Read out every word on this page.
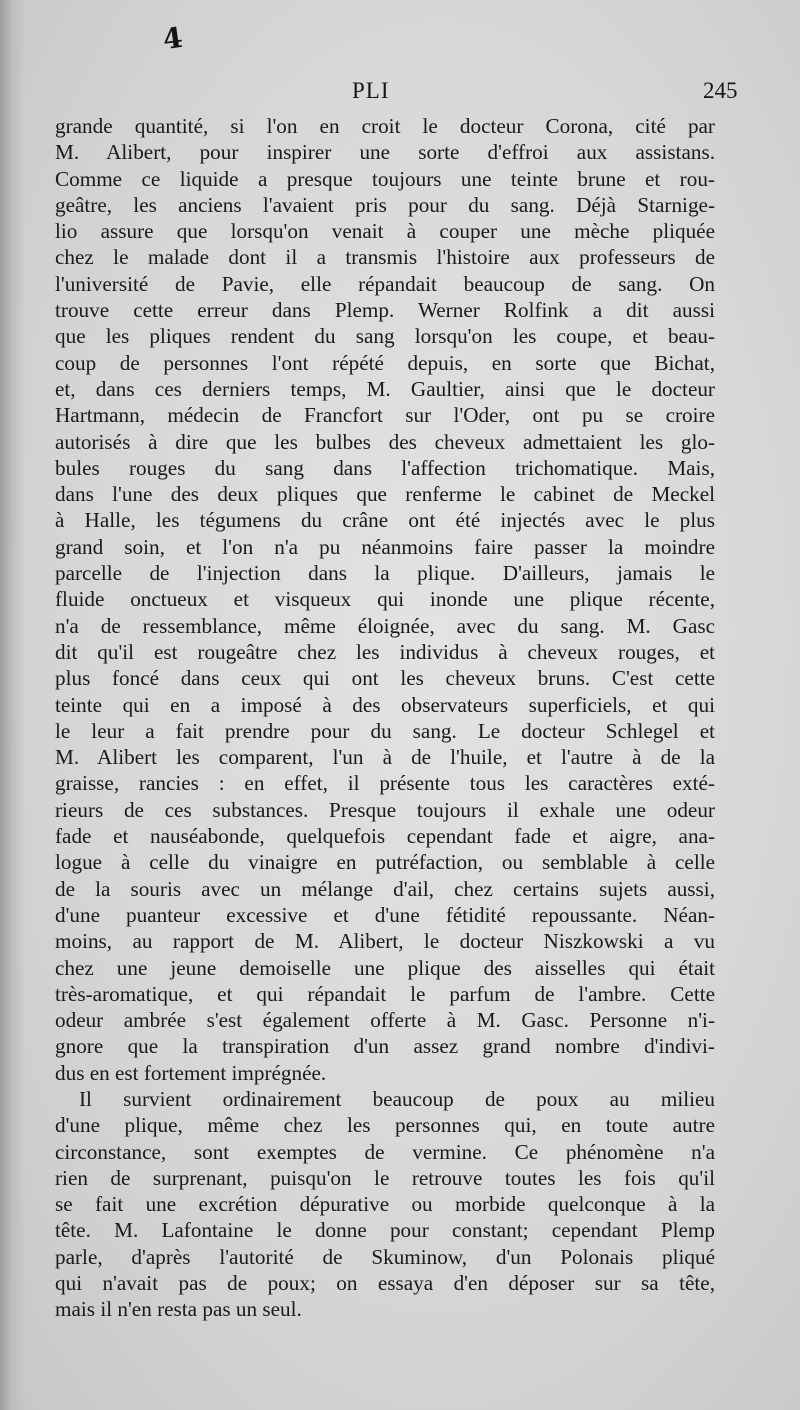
4
PLI	245
grande quantité, si l'on en croit le docteur Corona, cité par
M. Alibert, pour inspirer une sorte d'effroi aux assistans.
Comme ce liquide a presque toujours une teinte brune et rou-
geâtre, les anciens l'avaient pris pour du sang. Déjà Starnige-
lio assure que lorsqu'on venait à couper une mèche pliquée
chez le malade dont il a transmis l'histoire aux professeurs de
l'université de Pavie, elle répandait beaucoup de sang. On
trouve cette erreur dans Plemp. Werner Rolfink a dit aussi
que les pliques rendent du sang lorsqu'on les coupe, et beau-
coup de personnes l'ont répété depuis, en sorte que Bichat,
et, dans ces derniers temps, M. Gaultier, ainsi que le docteur
Hartmann, médecin de Francfort sur l'Oder, ont pu se croire
autorisés à dire que les bulbes des cheveux admettaient les glo-
bules rouges du sang dans l'affection trichomatique. Mais,
dans l'une des deux pliques que renferme le cabinet de Meckel
à Halle, les tégumens du crâne ont été injectés avec le plus
grand soin, et l'on n'a pu néanmoins faire passer la moindre
parcelle de l'injection dans la plique. D'ailleurs, jamais le
fluide onctueux et visqueux qui inonde une plique récente,
n'a de ressemblance, même éloignée, avec du sang. M. Gasc
dit qu'il est rougeâtre chez les individus à cheveux rouges, et
plus foncé dans ceux qui ont les cheveux bruns. C'est cette
teinte qui en a imposé à des observateurs superficiels, et qui
le leur a fait prendre pour du sang. Le docteur Schlegel et
M. Alibert les comparent, l'un à de l'huile, et l'autre à de la
graisse, rancies : en effet, il présente tous les caractères exté-
rieurs de ces substances. Presque toujours il exhale une odeur
fade et nauséabonde, quelquefois cependant fade et aigre, ana-
logue à celle du vinaigre en putréfaction, ou semblable à celle
de la souris avec un mélange d'ail, chez certains sujets aussi,
d'une puanteur excessive et d'une fétidité repoussante. Néan-
moins, au rapport de M. Alibert, le docteur Niszkowski a vu
chez une jeune demoiselle une plique des aisselles qui était
très-aromatique, et qui répandait le parfum de l'ambre. Cette
odeur ambrée s'est également offerte à M. Gasc. Personne n'i-
gnore que la transpiration d'un assez grand nombre d'indivi-
dus en est fortement imprégnée.
Il survient ordinairement beaucoup de poux au milieu
d'une plique, même chez les personnes qui, en toute autre
circonstance, sont exemptes de vermine. Ce phénomène n'a
rien de surprenant, puisqu'on le retrouve toutes les fois qu'il
se fait une excrétion dépurative ou morbide quelconque à la
tête. M. Lafontaine le donne pour constant; cependant Plemp
parle, d'après l'autorité de Skuminow, d'un Polonais pliqué
qui n'avait pas de poux; on essaya d'en déposer sur sa tête,
mais il n'en resta pas un seul.
